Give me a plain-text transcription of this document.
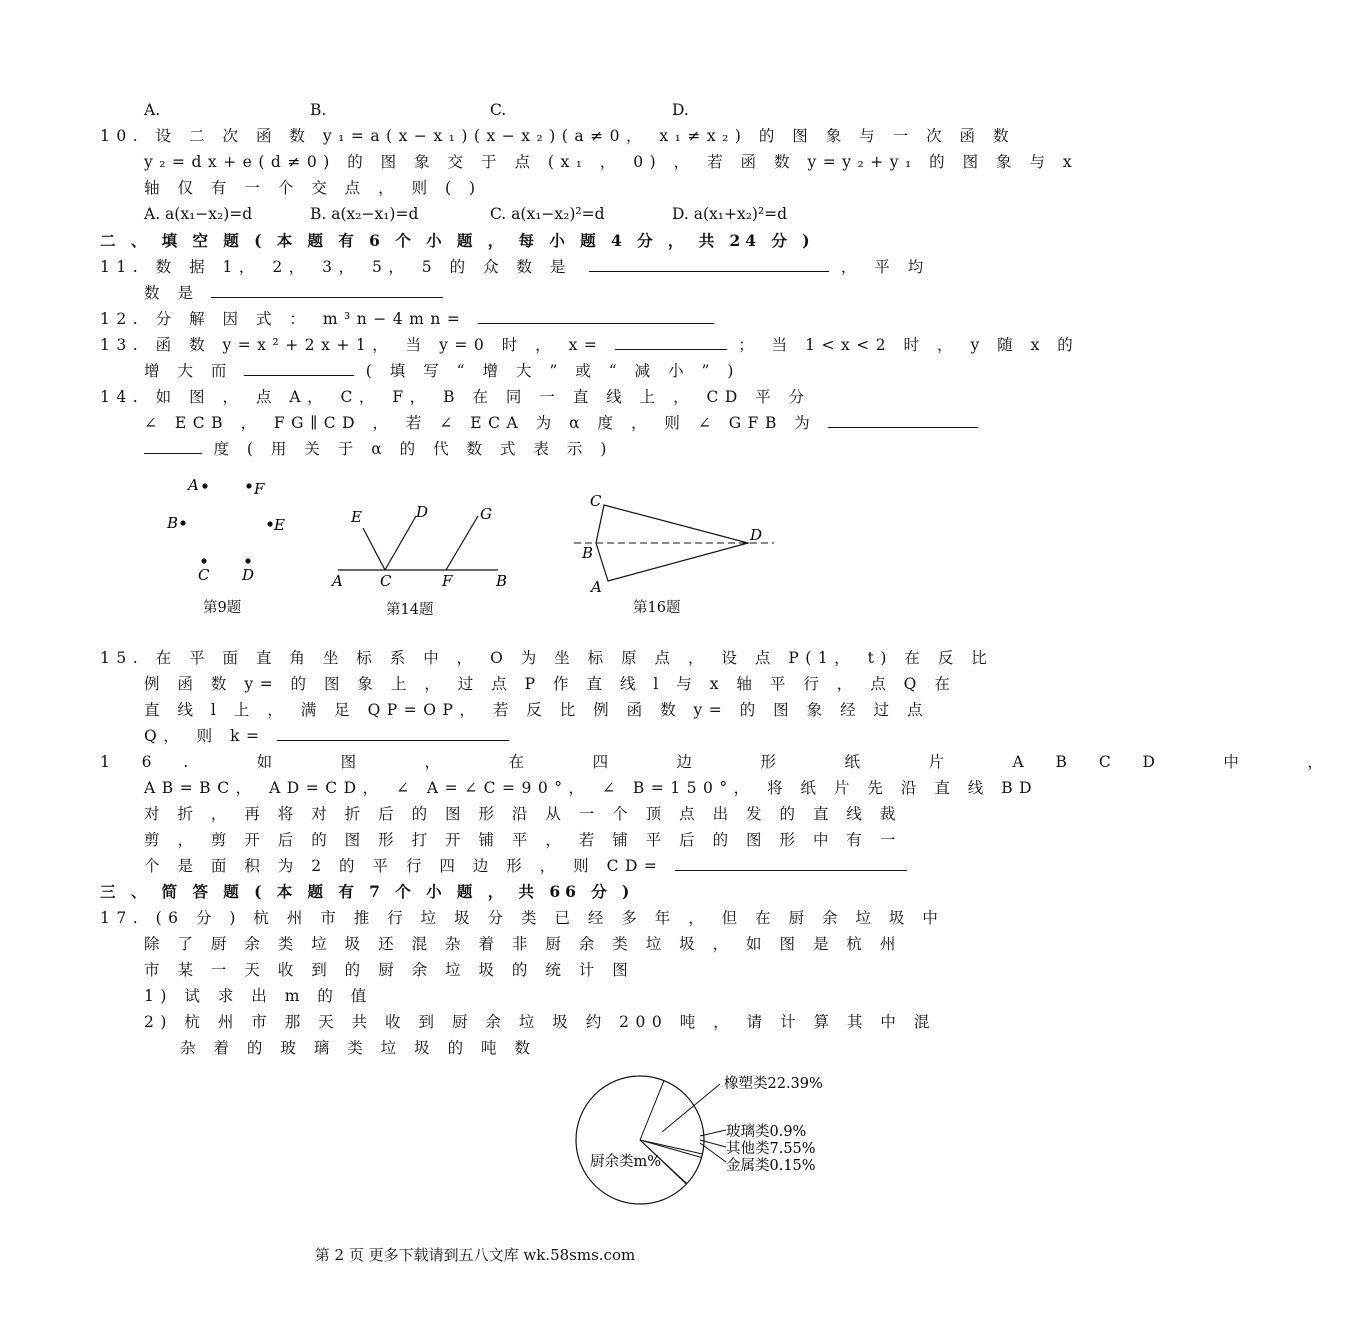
A.	B.	C.	D.
10. 设 二 次 函 数 y₁=a(x−x₁)(x−x₂)(a≠0， x₁≠x₂) 的 图 象 与 一 次 函 数
y₂=dx+e(d≠0) 的 图 象 交 于 点 (x₁ ， 0) ， 若 函 数 y=y₂+y₁ 的 图 象 与 x
轴 仅 有 一 个 交 点 ， 则 ( )
A. a(x₁−x₂)=d	B. a(x₂−x₁)=d	C. a(x₁−x₂)²=d	D. a(x₁+x₂)²=d
二 、 填 空 题 ( 本 题 有 6 个 小 题 ， 每 小 题 4 分 ， 共 24 分 )
11. 数 据 1， 2， 3， 5， 5 的 众 数 是	， 平 均
数 是
12. 分 解 因 式 ： m³n−4mn=
13. 函 数 y=x²+2x+1， 当 y=0 时 ， x=	； 当 1<x<2 时 ， y 随 x 的
增 大 而	( 填 写 “ 增 大 ” 或 “ 减 小 ” )
14. 如 图 ， 点 A， C， F， B 在 同 一 直 线 上 ， CD 平 分
∠ ECB ， FG∥CD ， 若 ∠ ECA 为 α 度 ， 则 ∠ GFB 为
度 ( 用 关 于 α 的 代 数 式 表 示 )
A	F
B	E
C D
第9题
E	D	G
A C	F	B
第14题
C
B
D
A
第16题
15. 在 平 面 直 角 坐 标 系 中 ， O 为 坐 标 原 点 ， 设 点 P(1， t) 在 反 比
例 函 数 y= 的 图 象 上 ， 过 点 P 作 直 线 l 与 x 轴 平 行 ， 点 Q 在
直 线 l 上 ， 满 足 QP=OP， 若 反 比 例 函 数 y= 的 图 象 经 过 点
Q， 则 k=
16. 如 图 ， 在 四 边 形 纸 片 ABCD 中 ，
AB=BC， AD=CD， ∠ A=∠C=90°， ∠ B=150°， 将 纸 片 先 沿 直 线 BD
对 折 ， 再 将 对 折 后 的 图 形 沿 从 一 个 顶 点 出 发 的 直 线 裁
剪 ， 剪 开 后 的 图 形 打 开 铺 平 ， 若 铺 平 后 的 图 形 中 有 一
个 是 面 积 为 2 的 平 行 四 边 形 ， 则 CD=
三 、 简 答 题 ( 本 题 有 7 个 小 题 ， 共 66 分 )
17. (6 分 ) 杭 州 市 推 行 垃 圾 分 类 已 经 多 年 ， 但 在 厨 余 垃 圾 中
除 了 厨 余 类 垃 圾 还 混 杂 着 非 厨 余 类 垃 圾 ， 如 图 是 杭 州
市 某 一 天 收 到 的 厨 余 垃 圾 的 统 计 图
1) 试 求 出 m 的 值
2) 杭 州 市 那 天 共 收 到 厨 余 垃 圾 约 200 吨 ， 请 计 算 其 中 混
杂 着 的 玻 璃 类 垃 圾 的 吨 数
橡塑类22.39%
玻璃类0.9%
其他类7.55%
金属类0.15%
厨余类m%
第 2 页 更多下载请到五八文库 wk.58sms.com
